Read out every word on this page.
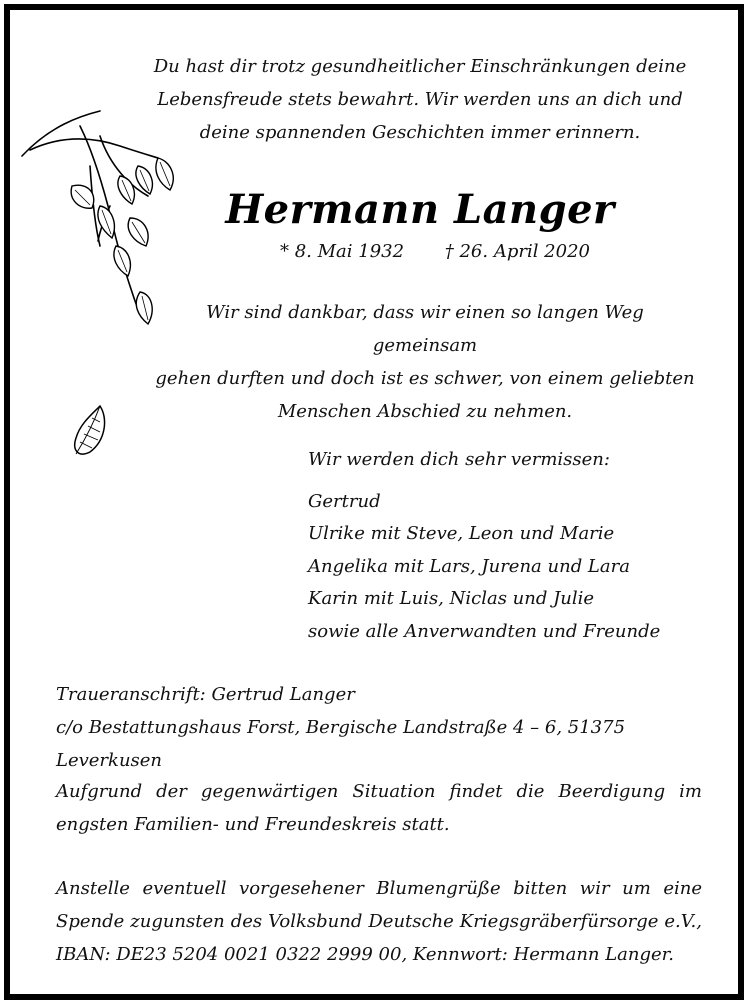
Du hast dir trotz gesundheitlicher Einschränkungen deine
Lebensfreude stets bewahrt. Wir werden uns an dich und
deine spannenden Geschichten immer erinnern.
Hermann Langer
* 8. Mai 1932 † 26. April 2020
Wir sind dankbar, dass wir einen so langen Weg gemeinsam
gehen durften und doch ist es schwer, von einem geliebten
Menschen Abschied zu nehmen.
Wir werden dich sehr vermissen:
Gertrud
Ulrike mit Steve, Leon und Marie
Angelika mit Lars, Jurena und Lara
Karin mit Luis, Niclas und Julie
sowie alle Anverwandten und Freunde
Traueranschrift: Gertrud Langer
c/o Bestattungshaus Forst, Bergische Landstraße 4 – 6, 51375 Leverkusen
Aufgrund der gegenwärtigen Situation findet die Beerdigung im engsten Familien- und Freundeskreis statt.
Anstelle eventuell vorgesehener Blumengrüße bitten wir um eine Spende zugunsten des Volksbund Deutsche Kriegsgräberfürsorge e.V., IBAN: DE23 5204 0021 0322 2999 00, Kennwort: Hermann Langer.
